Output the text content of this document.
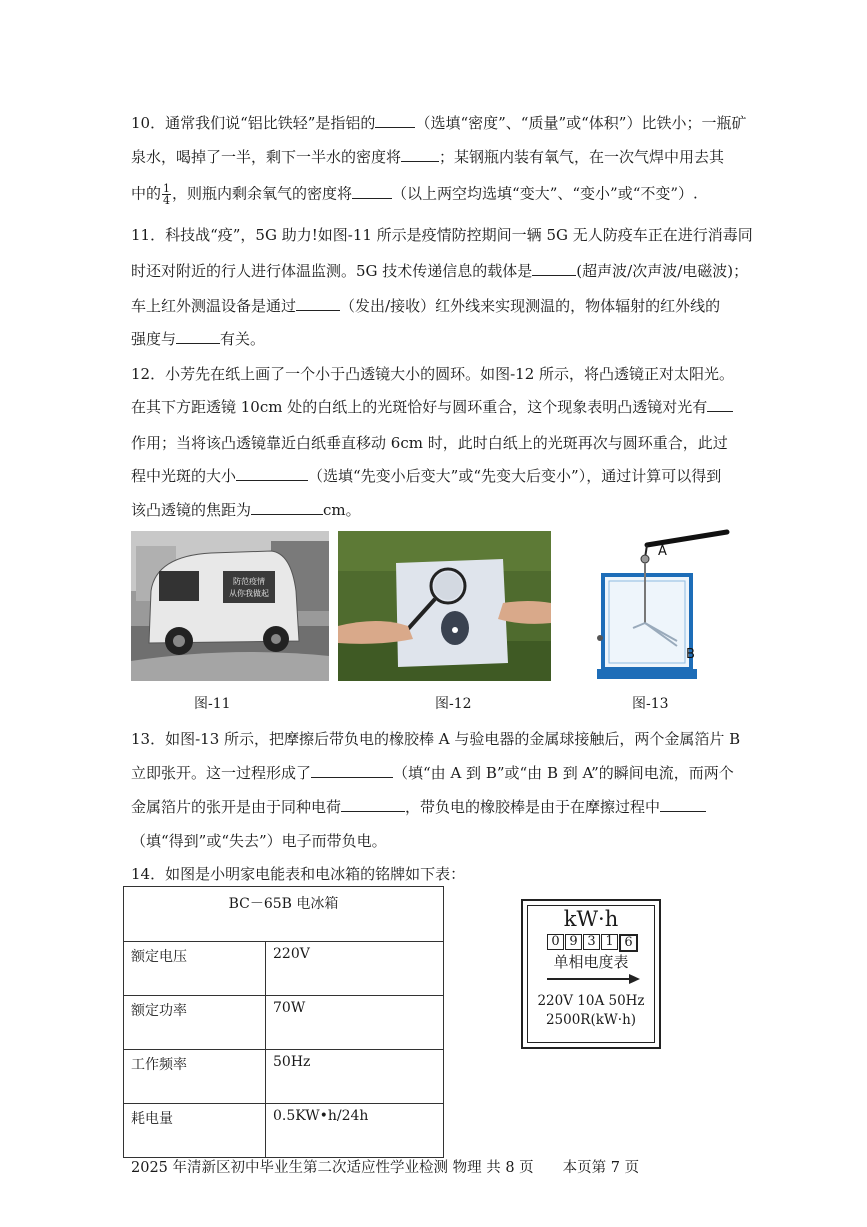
10．通常我们说“铝比铁轻”是指铝的	（选填“密度”、“质量”或“体积”）比铁小；一瓶矿
泉水，喝掉了一半，剩下一半水的密度将	；某钢瓶内装有氧气，在一次气焊中用去其
中的 $\frac{1}{4}$ ，则瓶内剩余氧气的密度将	（以上两空均选填“变大”、“变小”或“不变”）.
11．科技战“疫”，5G 助力!如图-11 所示是疫情防控期间一辆 5G 无人防疫车正在进行消毒同
时还对附近的行人进行体温监测。5G 技术传递信息的载体是	(超声波/次声波/电磁波)；
车上红外测温设备是通过	（发出/接收）红外线来实现测温的，物体辐射的红外线的
强度与	有关。
12．小芳先在纸上画了一个小于凸透镜大小的圆环。如图-12 所示，将凸透镜正对太阳光。
在其下方距透镜 10cm 处的白纸上的光斑恰好与圆环重合，这个现象表明凸透镜对光有
作用；当将该凸透镜靠近白纸垂直移动 6cm 时，此时白纸上的光斑再次与圆环重合，此过
程中光斑的大小	（选填“先变小后变大”或“先变大后变小”），通过计算可以得到
该凸透镜的焦距为	cm。
防范疫情
从你我做起
A
B
图-11	图-12	图-13
13．如图-13 所示，把摩擦后带负电的橡胶棒 A 与验电器的金属球接触后，两个金属箔片 B
立即张开。这一过程形成了	（填“由 A 到 B”或“由 B 到 A”的瞬间电流，而两个
金属箔片的张开是由于同种电荷	，带负电的橡胶棒是由于在摩擦过程中
（填“得到”或“失去”）电子而带负电。
14．如图是小明家电能表和电冰箱的铭牌如下表：
BC－65B 电冰箱	
额定电压	220V
额定功率	70W
工作频率	50Hz
耗电量	0.5KW•h/24h
kW·h
0 9 3 1 6
单相电度表
220V 10A 50Hz
2500R(kW·h)
2025 年清新区初中毕业生第二次适应性学业检测 物理 共 8 页　　本页第 7 页
